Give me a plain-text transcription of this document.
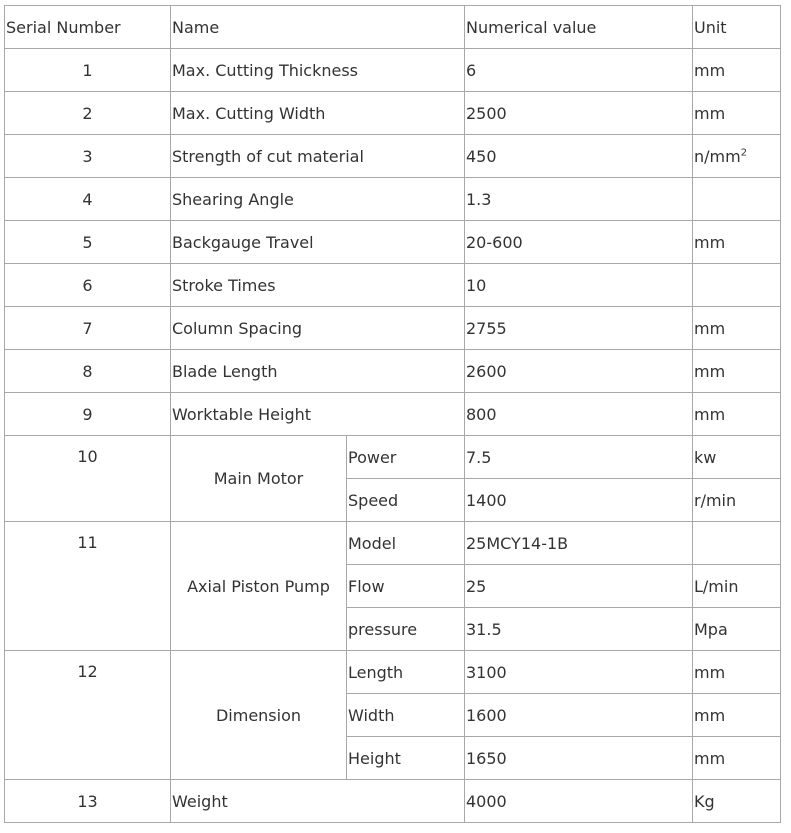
Serial Number	Name		Numerical value	Unit
1	Max. Cutting Thickness		6	mm
2	Max. Cutting Width		2500	mm
3	Strength of cut material		450	$n/mm^2$
4	Shearing Angle		1.3	
5	Backgauge Travel		20-600	mm
6	Stroke Times		10	
7	Column Spacing		2755	mm
8	Blade Length		2600	mm
9	Worktable Height		800	mm
10	Main Motor	Power	7.5	kw
		Speed	1400	r/min
11	Axial Piston Pump	Model	25MCY14-1B	
		Flow	25	L/min
		pressure	31.5	Mpa
12	Dimension	Length	3100	mm
		Width	1600	mm
		Height	1650	mm
13	Weight		4000	Kg
